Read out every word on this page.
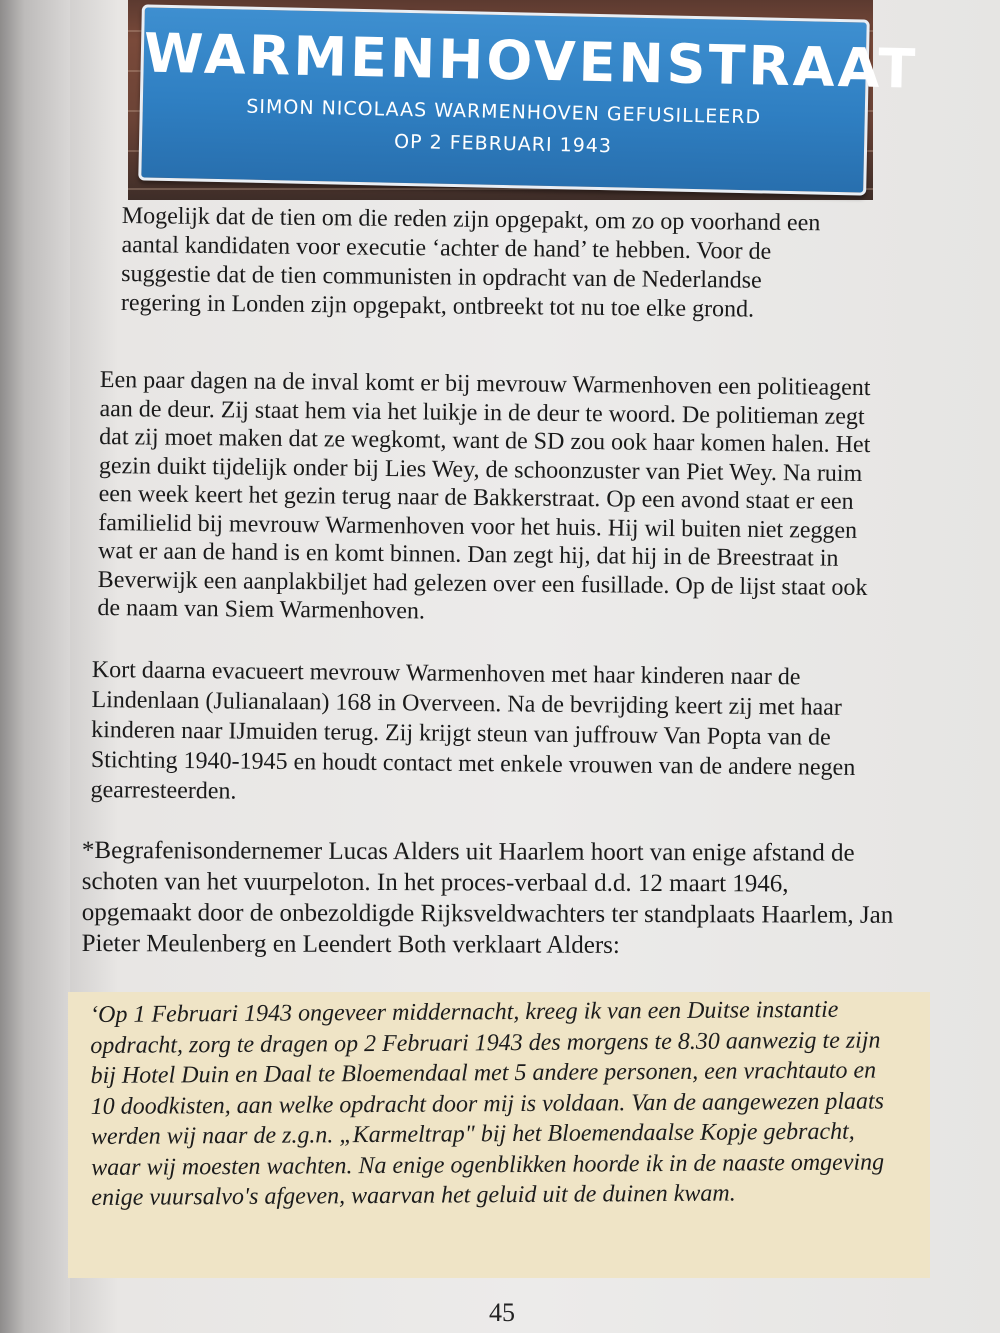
WARMENHOVENSTRAAT
SIMON NICOLAAS WARMENHOVEN GEFUSILLEERD
OP 2 FEBRUARI 1943

Mogelijk dat de tien om die reden zijn opgepakt, om zo op voorhand een aantal kandidaten voor executie ‘achter de hand’ te hebben. Voor de suggestie dat de tien communisten in opdracht van de Nederlandse regering in Londen zijn opgepakt, ontbreekt tot nu toe elke grond.

Een paar dagen na de inval komt er bij mevrouw Warmenhoven een politieagent aan de deur. Zij staat hem via het luikje in de deur te woord. De politieman zegt dat zij moet maken dat ze wegkomt, want de SD zou ook haar komen halen. Het gezin duikt tijdelijk onder bij Lies Wey, de schoonzuster van Piet Wey. Na ruim een week keert het gezin terug naar de Bakkerstraat. Op een avond staat er een familielid bij mevrouw Warmenhoven voor het huis. Hij wil buiten niet zeggen wat er aan de hand is en komt binnen. Dan zegt hij, dat hij in de Breestraat in Beverwijk een aanplakbiljet had gelezen over een fusillade. Op de lijst staat ook de naam van Siem Warmenhoven.

Kort daarna evacueert mevrouw Warmenhoven met haar kinderen naar de Lindenlaan (Julianalaan) 168 in Overveen. Na de bevrijding keert zij met haar kinderen naar IJmuiden terug. Zij krijgt steun van juffrouw Van Popta van de Stichting 1940-1945 en houdt contact met enkele vrouwen van de andere negen gearresteerden.

*Begrafenisondernemer Lucas Alders uit Haarlem hoort van enige afstand de schoten van het vuurpeloton. In het proces-verbaal d.d. 12 maart 1946, opgemaakt door de onbezoldigde Rijksveldwachters ter standplaats Haarlem, Jan Pieter Meulenberg en Leendert Both verklaart Alders:

‘Op 1 Februari 1943 ongeveer middernacht, kreeg ik van een Duitse instantie opdracht, zorg te dragen op 2 Februari 1943 des morgens te 8.30 aanwezig te zijn bij Hotel Duin en Daal te Bloemendaal met 5 andere personen, een vrachtauto en 10 doodkisten, aan welke opdracht door mij is voldaan. Van de aangewezen plaats werden wij naar de z.g.n. „Karmeltrap" bij het Bloemendaalse Kopje gebracht, waar wij moesten wachten. Na enige ogenblikken hoorde ik in de naaste omgeving enige vuursalvo's afgeven, waarvan het geluid uit de duinen kwam.

45
